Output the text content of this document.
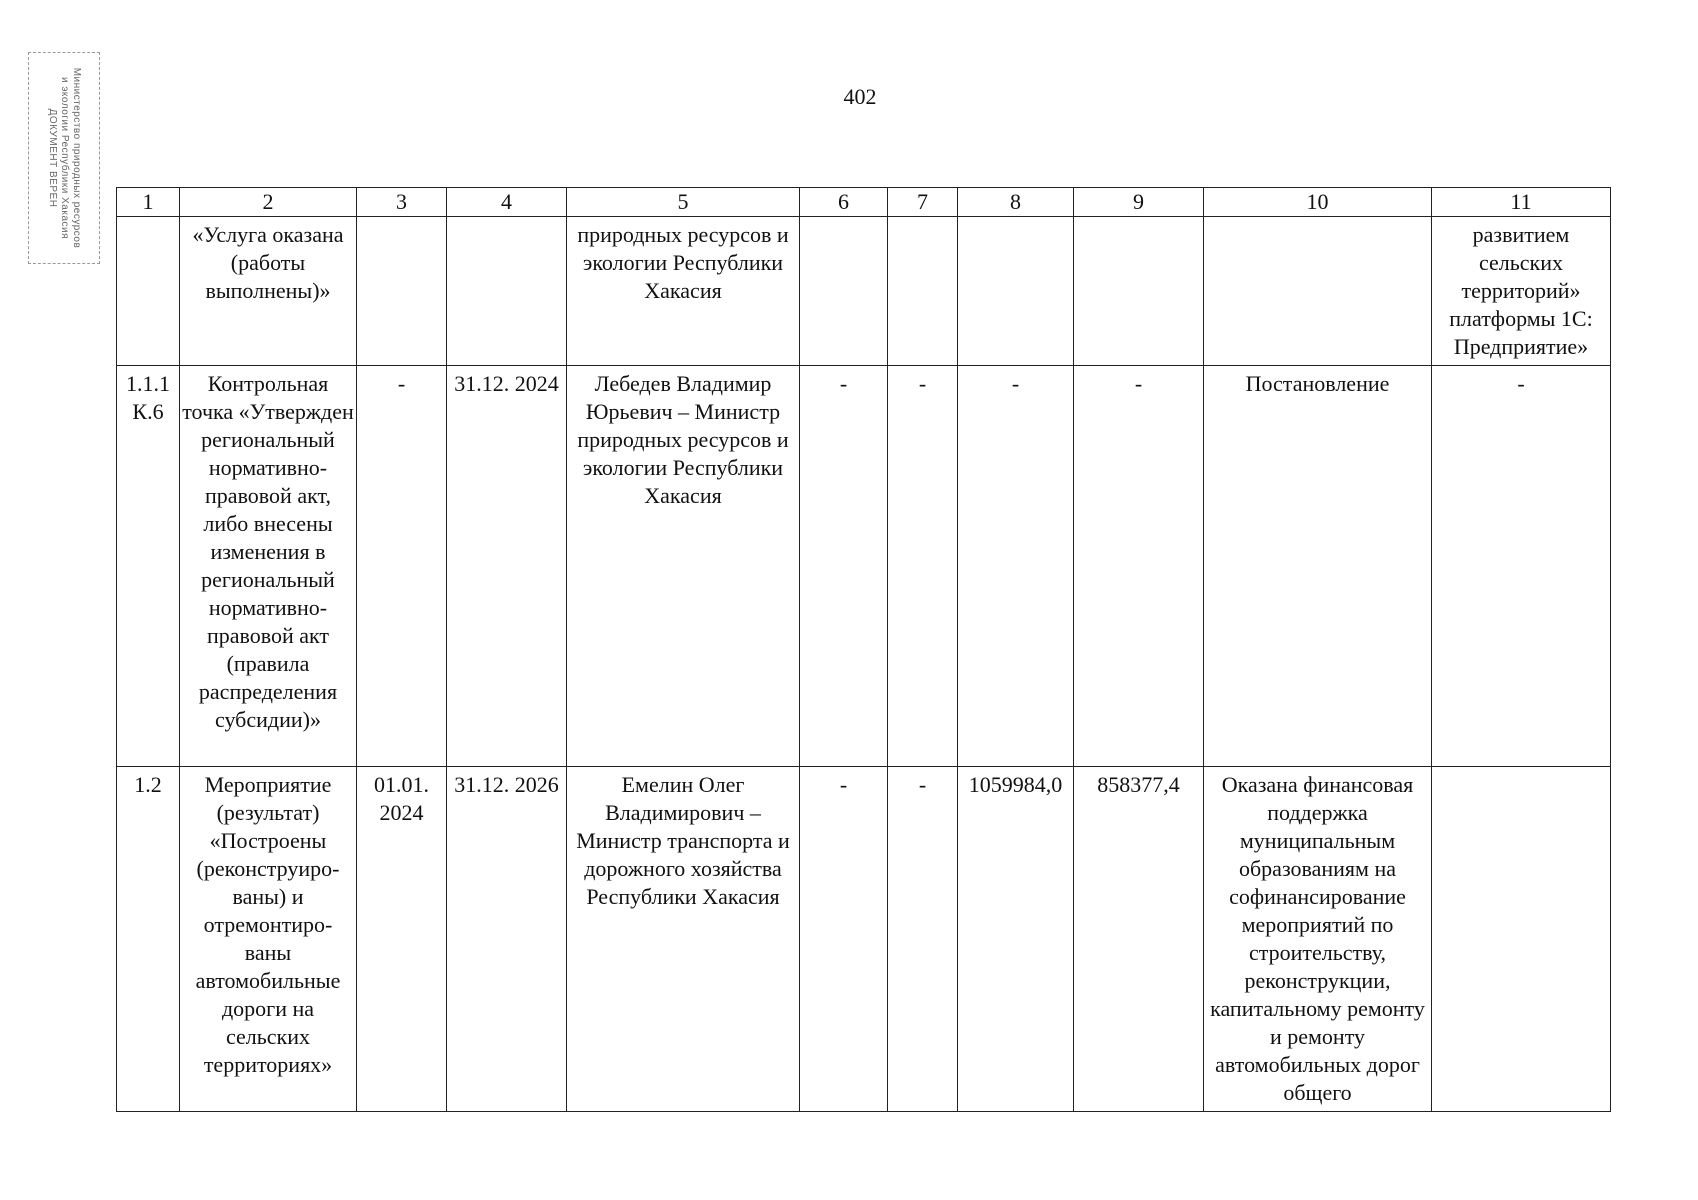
Министерство природных ресурсов
и экологии Республики Хакасия
ДОКУМЕНТ ВЕРЕН
402
1	2	3	4	5	6	7	8	9	10	11
	«Услуга оказана (работы выполнены)»			природных ресурсов и экологии Республики Хакасия						развитием сельских территорий» платформы 1С: Предприятие»
1.1.1 К.6	Контрольная точка «Утвержден региональный нормативно-правовой акт, либо внесены изменения в региональный нормативно-правовой акт (правила распределения субсидии)»	-	31.12. 2024	Лебедев Владимир Юрьевич – Министр природных ресурсов и экологии Республики Хакасия	-	-	-	-	Постановление	-
1.2	Мероприятие (результат) «Построены (реконструиро-ваны) и отремонтиро-ваны автомобильные дороги на сельских территориях»	01.01. 2024	31.12. 2026	Емелин Олег Владимирович – Министр транспорта и дорожного хозяйства Республики Хакасия	-	-	1059984,0	858377,4	Оказана финансовая поддержка муниципальным образованиям на софинансирование мероприятий по строительству, реконструкции, капитальному ремонту и ремонту автомобильных дорог общего	
